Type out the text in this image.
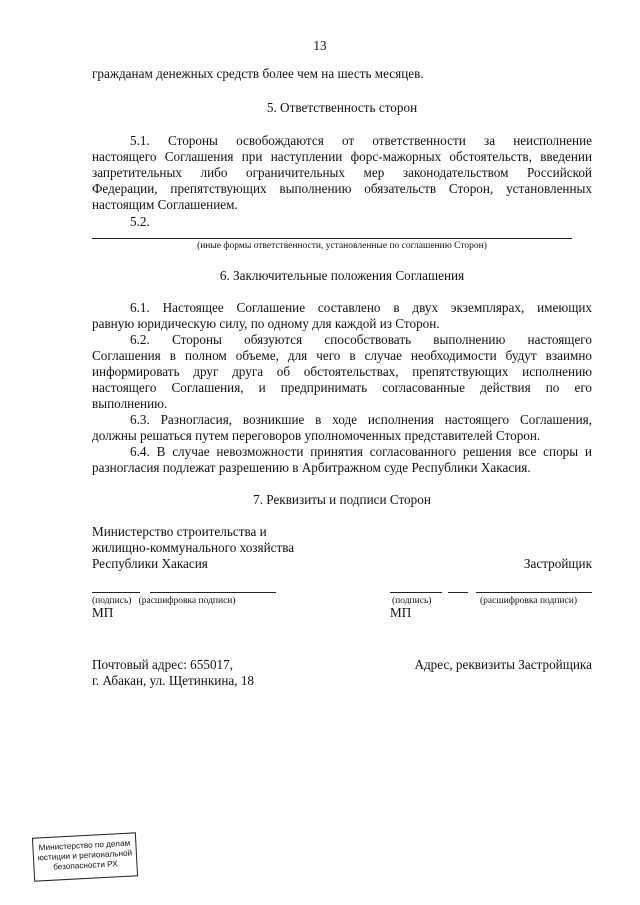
13
гражданам денежных средств более чем на шесть месяцев.
5. Ответственность сторон
5.1. Стороны освобождаются от ответственности за неисполнение
настоящего Соглашения при наступлении форс-мажорных обстоятельств, введении
запретительных либо ограничительных мер законодательством Российской
Федерации, препятствующих выполнению обязательств Сторон, установленных
настоящим Соглашением.
5.2.
(иные формы ответственности, установленные по соглашению Сторон)
6. Заключительные положения Соглашения
6.1. Настоящее Соглашение составлено в двух экземплярах, имеющих
равную юридическую силу, по одному для каждой из Сторон.
6.2. Стороны обязуются способствовать выполнению настоящего
Соглашения в полном объеме, для чего в случае необходимости будут взаимно
информировать друг друга об обстоятельствах, препятствующих исполнению
настоящего Соглашения, и предпринимать согласованные действия по его
выполнению.
6.3. Разногласия, возникшие в ходе исполнения настоящего Соглашения,
должны решаться путем переговоров уполномоченных представителей Сторон.
6.4. В случае невозможности принятия согласованного решения все споры и
разногласия подлежат разрешению в Арбитражном суде Республики Хакасия.
7. Реквизиты и подписи Сторон
Министерство строительства и
жилищно-коммунального хозяйства
Республики Хакасия	Застройщик
(подпись)   (расшифровка подписи)
МП
(подпись)	(расшифровка подписи)
МП
Почтовый адрес: 655017,
г. Абакан, ул. Щетинкина, 18
Адрес, реквизиты Застройщика
Министерство по делам
юстиции и региональной
безопасности РХ
